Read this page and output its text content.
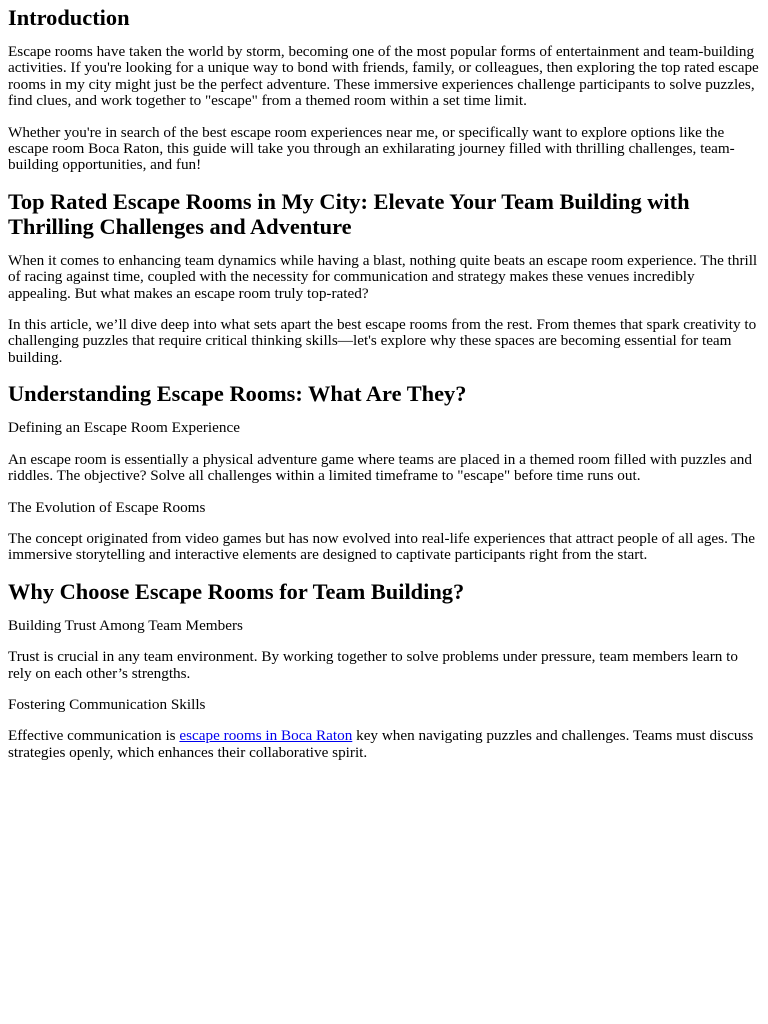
Introduction

Escape rooms have taken the world by storm, becoming one of the most popular forms of entertainment and team-building activities. If you're looking for a unique way to bond with friends, family, or colleagues, then exploring the top rated escape rooms in my city might just be the perfect adventure. These immersive experiences challenge participants to solve puzzles, find clues, and work together to "escape" from a themed room within a set time limit.

Whether you're in search of the best escape room experiences near me, or specifically want to explore options like the escape room Boca Raton, this guide will take you through an exhilarating journey filled with thrilling challenges, team-building opportunities, and fun!

Top Rated Escape Rooms in My City: Elevate Your Team Building with Thrilling Challenges and Adventure

When it comes to enhancing team dynamics while having a blast, nothing quite beats an escape room experience. The thrill of racing against time, coupled with the necessity for communication and strategy makes these venues incredibly appealing. But what makes an escape room truly top-rated?

In this article, we’ll dive deep into what sets apart the best escape rooms from the rest. From themes that spark creativity to challenging puzzles that require critical thinking skills—let's explore why these spaces are becoming essential for team building.

Understanding Escape Rooms: What Are They?

Defining an Escape Room Experience

An escape room is essentially a physical adventure game where teams are placed in a themed room filled with puzzles and riddles. The objective? Solve all challenges within a limited timeframe to "escape" before time runs out.

The Evolution of Escape Rooms

The concept originated from video games but has now evolved into real-life experiences that attract people of all ages. The immersive storytelling and interactive elements are designed to captivate participants right from the start.

Why Choose Escape Rooms for Team Building?

Building Trust Among Team Members

Trust is crucial in any team environment. By working together to solve problems under pressure, team members learn to rely on each other’s strengths.

Fostering Communication Skills

Effective communication is escape rooms in Boca Raton key when navigating puzzles and challenges. Teams must discuss strategies openly, which enhances their collaborative spirit.
